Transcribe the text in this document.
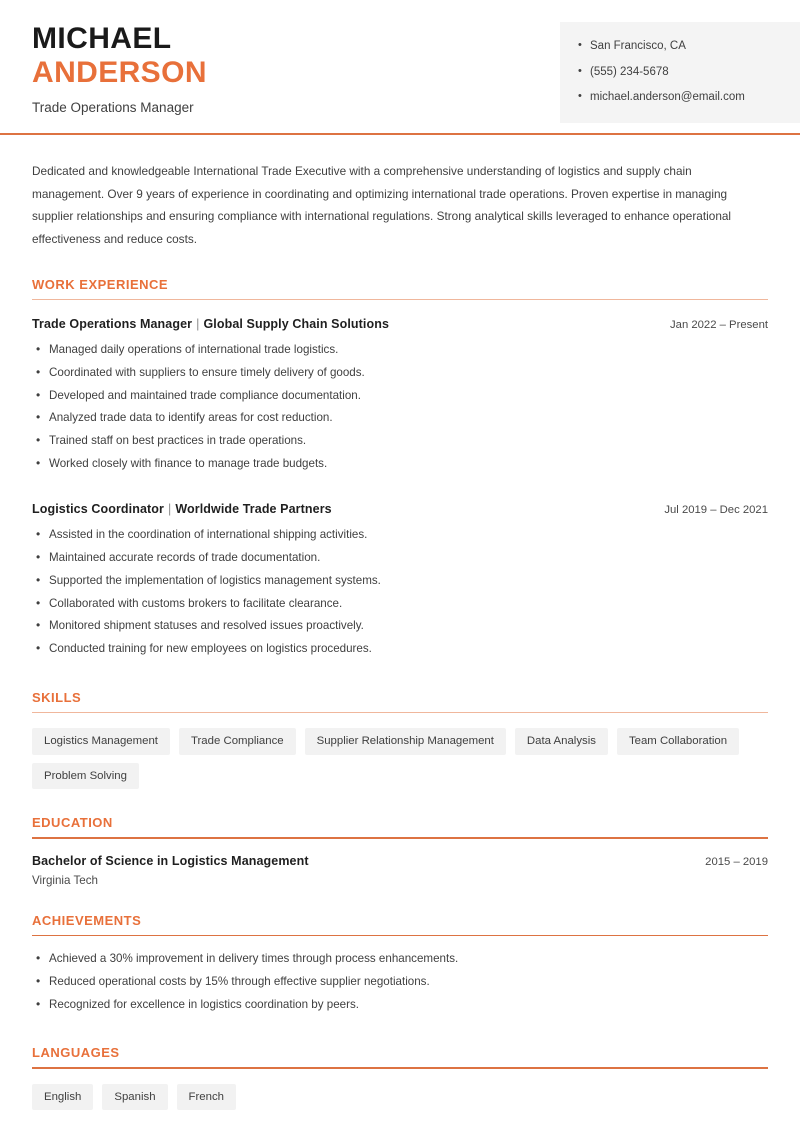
MICHAEL
ANDERSON
Trade Operations Manager
• San Francisco, CA
• (555) 234-5678
• michael.anderson@email.com

Dedicated and knowledgeable International Trade Executive with a comprehensive understanding of logistics and supply chain management. Over 9 years of experience in coordinating and optimizing international trade operations. Proven expertise in managing supplier relationships and ensuring compliance with international regulations. Strong analytical skills leveraged to enhance operational effectiveness and reduce costs.

WORK EXPERIENCE
Trade Operations Manager | Global Supply Chain Solutions	Jan 2022 – Present
• Managed daily operations of international trade logistics.
• Coordinated with suppliers to ensure timely delivery of goods.
• Developed and maintained trade compliance documentation.
• Analyzed trade data to identify areas for cost reduction.
• Trained staff on best practices in trade operations.
• Worked closely with finance to manage trade budgets.
Logistics Coordinator | Worldwide Trade Partners	Jul 2019 – Dec 2021
• Assisted in the coordination of international shipping activities.
• Maintained accurate records of trade documentation.
• Supported the implementation of logistics management systems.
• Collaborated with customs brokers to facilitate clearance.
• Monitored shipment statuses and resolved issues proactively.
• Conducted training for new employees on logistics procedures.
SKILLS
Logistics Management	Trade Compliance	Supplier Relationship Management	Data Analysis	Team Collaboration
Problem Solving
EDUCATION
Bachelor of Science in Logistics Management	2015 – 2019
Virginia Tech
ACHIEVEMENTS
• Achieved a 30% improvement in delivery times through process enhancements.
• Reduced operational costs by 15% through effective supplier negotiations.
• Recognized for excellence in logistics coordination by peers.
LANGUAGES
English	Spanish	French
